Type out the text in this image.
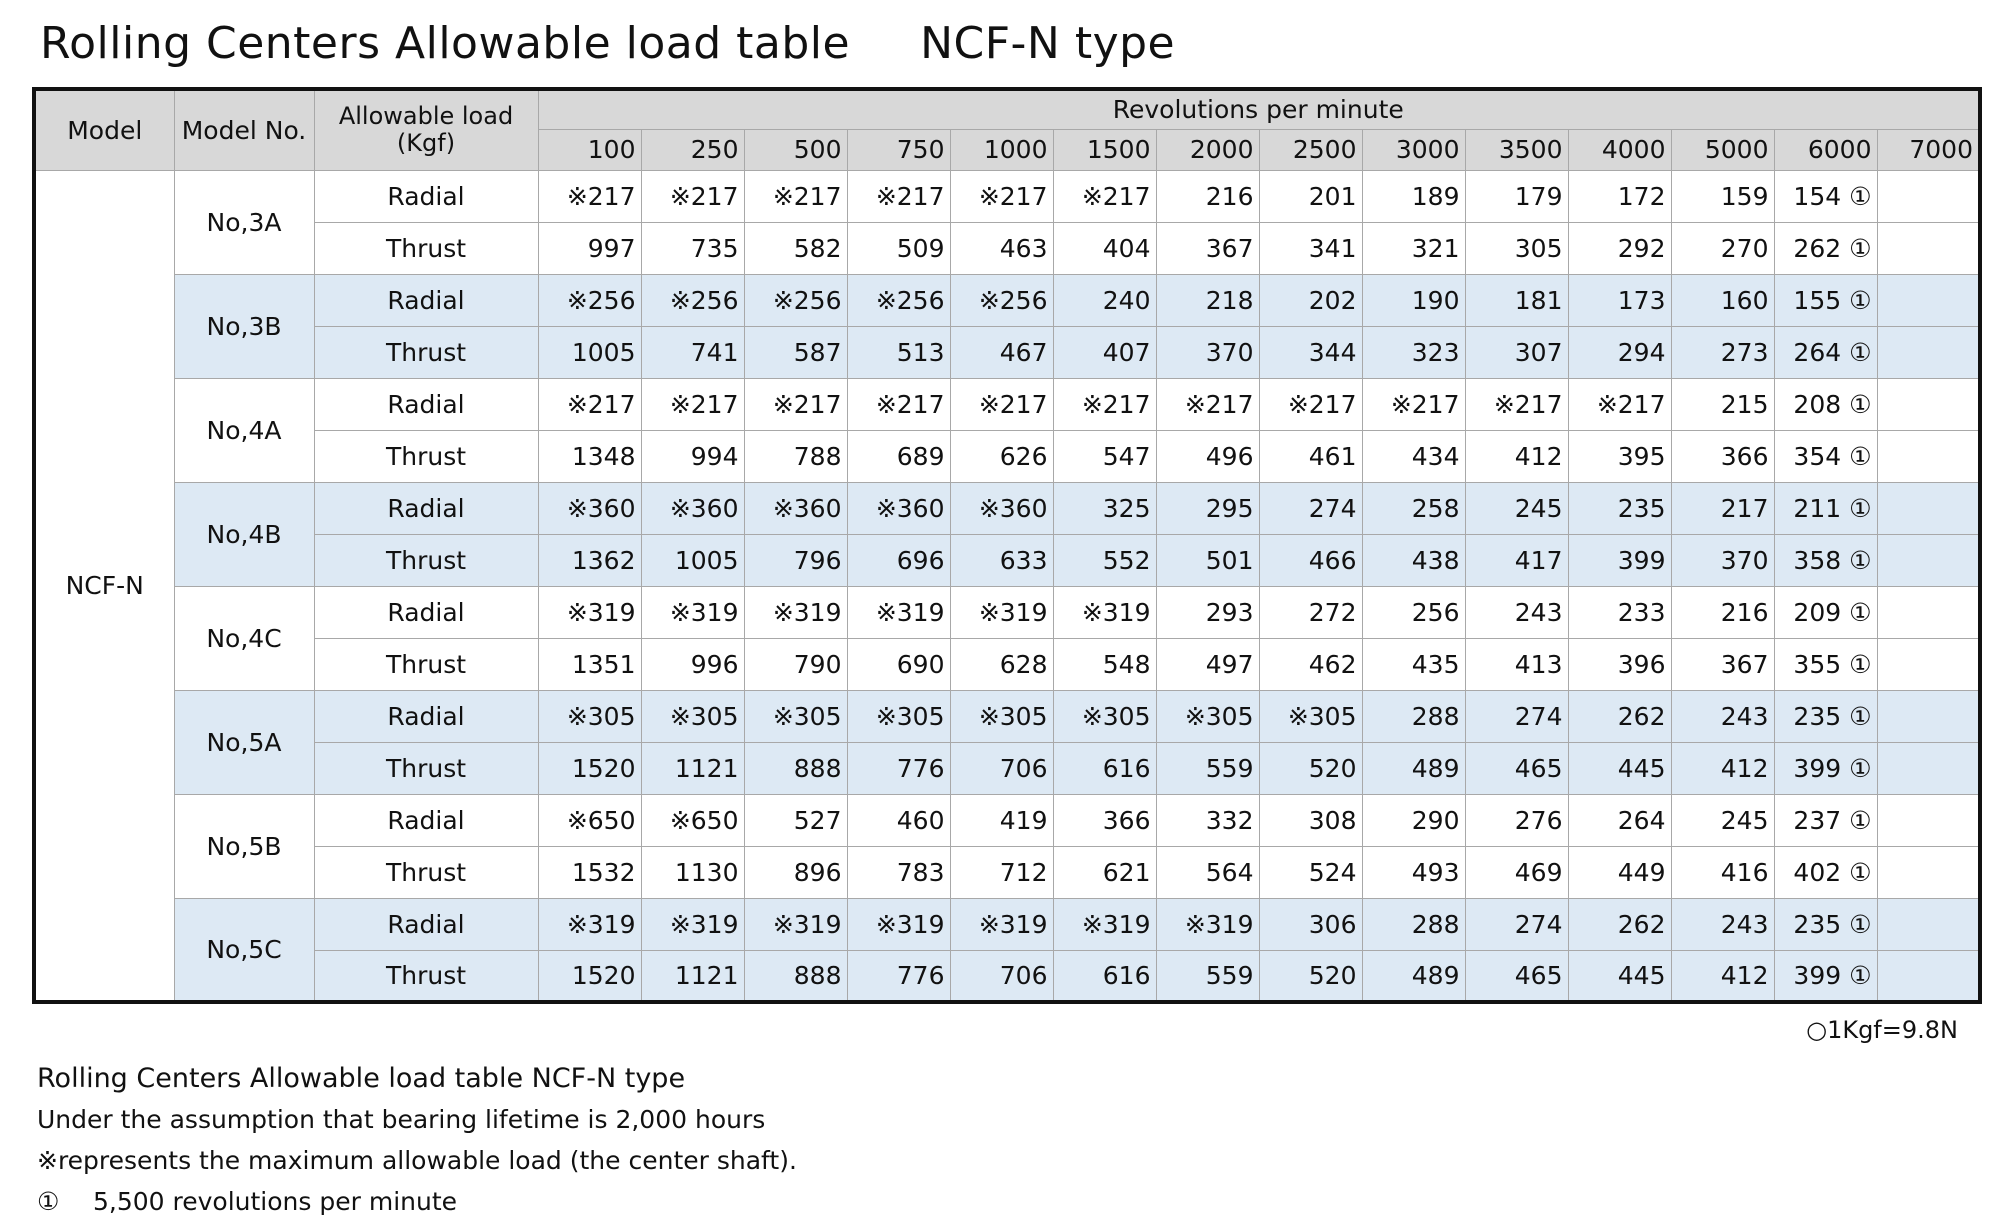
Rolling Centers Allowable load table NCF-N type
Model	Model No.	Allowable load
(Kgf)	Revolutions per minute													
			100	250	500	750	1000	1500	2000	2500	3000	3500	4000	5000	6000	7000
NCF-N	No,3A	Radial	※217	※217	※217	※217	※217	※217	216	201	189	179	172	159	154 ①	
		Thrust	997	735	582	509	463	404	367	341	321	305	292	270	262 ①	
	No,3B	Radial	※256	※256	※256	※256	※256	240	218	202	190	181	173	160	155 ①	
		Thrust	1005	741	587	513	467	407	370	344	323	307	294	273	264 ①	
	No,4A	Radial	※217	※217	※217	※217	※217	※217	※217	※217	※217	※217	※217	215	208 ①	
		Thrust	1348	994	788	689	626	547	496	461	434	412	395	366	354 ①	
	No,4B	Radial	※360	※360	※360	※360	※360	325	295	274	258	245	235	217	211 ①	
		Thrust	1362	1005	796	696	633	552	501	466	438	417	399	370	358 ①	
	No,4C	Radial	※319	※319	※319	※319	※319	※319	293	272	256	243	233	216	209 ①	
		Thrust	1351	996	790	690	628	548	497	462	435	413	396	367	355 ①	
	No,5A	Radial	※305	※305	※305	※305	※305	※305	※305	※305	288	274	262	243	235 ①	
		Thrust	1520	1121	888	776	706	616	559	520	489	465	445	412	399 ①	
	No,5B	Radial	※650	※650	527	460	419	366	332	308	290	276	264	245	237 ①	
		Thrust	1532	1130	896	783	712	621	564	524	493	469	449	416	402 ①	
	No,5C	Radial	※319	※319	※319	※319	※319	※319	※319	306	288	274	262	243	235 ①	
		Thrust	1520	1121	888	776	706	616	559	520	489	465	445	412	399 ①	

○1Kgf=9.8N

Rolling Centers Allowable load table NCF-N type

Under the assumption that bearing lifetime is 2,000 hours

※represents the maximum allowable load (the center shaft).

① 5,500 revolutions per minute
